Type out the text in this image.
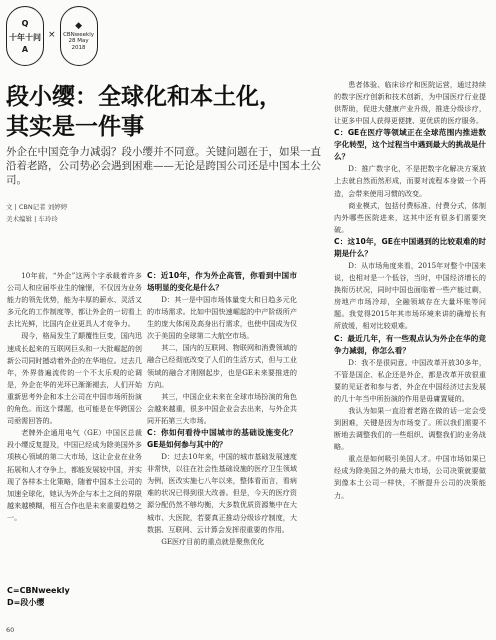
Q
十年十问
A
×
◆
CBNweekly
28 May
2018
段小缨：全球化和本土化，
其实是一件事

外企在中国竞争力减弱？段小缨并不同意。关键问题在于，如果一直沿着老路，公司势必会遇到困难——无论是跨国公司还是中国本土公司。

文 | CBN记者 刘婷婷
美术编辑 | 车玲玲

10年前，“外企”这两个字承载着许多公司人和应届毕业生的憧憬，不仅因为业务能力的领先优势，能为丰厚的薪水、灵活又多元化的工作制度等，都让外企的一切看上去比光鲜，比国内企业更具人才竞争力。

现今，格局发生了颠覆性巨变，国内迅速成长起来的互联网巨头和一大批崛起的创新公司同时撼动着外企的在华地位。过去几年，外界普遍流传的一个不太乐观的论调是，外企在华的光环已渐渐褪去，人们开始重新思考外企和本土公司在中国市场所扮演的角色。而这个课题，也可能是在华跨国公司亟需回答的。

老牌外企通用电气（GE）中国区总裁段小缨反复提及，中国已经成为除美国外多项核心领域的第二大市场，这让企业在业务拓展和人才夺争上，都能发展较中国，并实现了各样本土化策略，随着中国本土公司的加速全球化，她认为外企与本土之间的界限越来越模糊，相互合作也是未来重要趋势之一。

C=CBNweekly
D=段小缨

C：近10年，作为外企高管，你看到中国市场明显的变化是什么？

D：其一是中国市场体量变大和日趋多元化的市场需求。比如中国快速崛起的中产阶级所产生的庞大体闲及高身出行需求，也使中国成为仅次于美国的全球第二大航空市场。

其二，国内的互联网、物联网和消费领域的融合已经彻底改变了人们的生活方式，但与工业领域的融合才刚刚起步，也是GE未来要推进的方向。

其三，中国企业未来在全球市场扮演的角色会越来越重，很多中国企业会去出来，与外企共同开拓第三大市场。

C：你如何看待中国城市的基础设施变化？GE是如何参与其中的？

D：过去10年来，中国的城市基础发展速度非常快，以往在社会性基础设施的医疗卫生领域为例，医改实施七八年以来，整体看而言，看病难的状况已得到很大改善。但是，今天的医疗资源分配仍然不够均衡，大多数优质资源集中在大城市、大医院，若要真正推动分级诊疗制度，大数据、互联网、云计算会发挥很重要的作用。

GE医疗目前的重点就是聚焦优化

患者体验、临床诊疗和医院运营，通过持续的数字医疗创新和技术创新，为中国医疗行业提供帮助，促进大健康产业升级，推进分级诊疗，让更多中国人获得更便捷、更优质的医疗服务。

C：GE在医疗等领域正在全球范围内推进数字化转型，这个过程当中遇到最大的挑战是什么？

D：推广数字化，不是把数字化解决方案放上去就自然而然形成，而要对流程本身做一个再造，会带来使用习惯的改变。

商业模式，包括付费标准、付费分式，体制内外哪些医院进来，这其中还有很多们需要突破。

C：这10年，GE在中国遇到的比较艰难的时期是什么？

D：从市场角度来看，2015年对整个中国来说，也相对是一个低谷，当时，中国经济增长的换衔历状况，同时中国也面临着一些产能过剩，房地产市场冷却，全融领域存在大量坏账等问题。我觉得2015年其市场环境来讲的确增长有所放缓，相对比较艰难。

C：最近几年，有一些观点认为外企在华的竞争力减弱，你怎么看？

D：我不是很同意。中国改革开放30多年，不管是国企、私企还是外企，都是改革开放很重要的见证者和参与者，外企在中国经济过去发展的几十年当中所扮演的作用是毋庸置疑的。

我认为如果一直沿着老路在做的话一定会受到困难，关键是因为市场变了。所以我们需要不断地去调整我们的一些组织、调整我们的业务战略。

重点是如何吸引美国人才。中国市场如果已经成为除美国之外的最大市场，公司决策就要做到像本土公司一样快，不断提升公司的决策能力。

60
